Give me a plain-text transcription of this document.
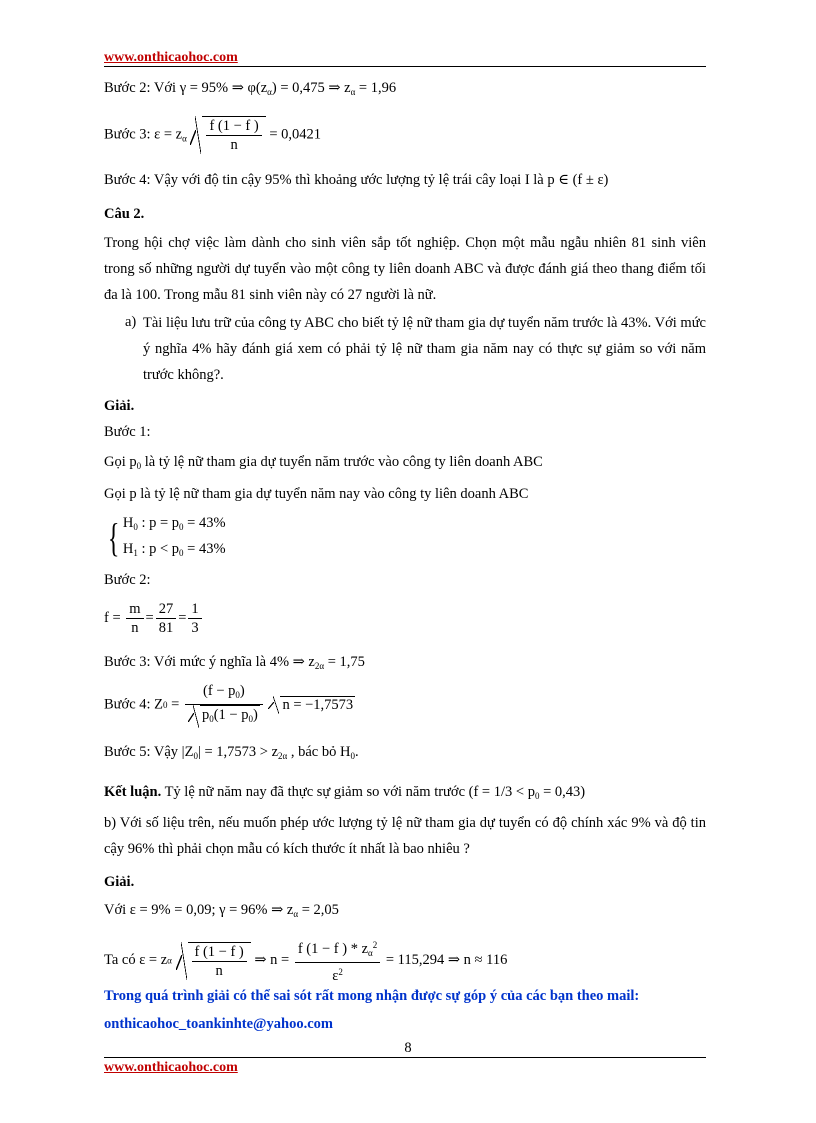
www.onthicaohoc.com
Bước 2: Với γ = 95% ⇒ $\varphi(z_\alpha) = 0,475$ ⇒ $z_\alpha = 1,96$
Bước 3: $\varepsilon = z_\alpha \frac{f (1 - f )}{n} = 0,0421$
Bước 4: Vậy với độ tin cậy 95% thì khoảng ước lượng tỷ lệ trái cây loại I là p ∈ (f ± ε)
Câu 2.
Trong hội chợ việc làm dành cho sinh viên sắp tốt nghiệp. Chọn một mẫu ngẫu nhiên 81 sinh viên trong số những người dự tuyển vào một công ty liên doanh ABC và được đánh giá theo thang điểm tối đa là 100. Trong mẫu 81 sinh viên này có 27 người là nữ.
a) Tài liệu lưu trữ của công ty ABC cho biết tỷ lệ nữ tham gia dự tuyển năm trước là 43%. Với mức ý nghĩa 4% hãy đánh giá xem có phải tỷ lệ nữ tham gia năm nay có thực sự giảm so với năm trước không?.
Giải.
Bước 1:
Gọi $p_0$ là tỷ lệ nữ tham gia dự tuyển năm trước vào công ty liên doanh ABC
Gọi p là tỷ lệ nữ tham gia dự tuyển năm nay vào công ty liên doanh ABC
{ $H_0$ : $p = p_0 = 43\%$
$H_1$ : $p < p_0 = 43\%$
Bước 2:
$f = \frac{m}{n} = \frac{27}{81} = \frac{1}{3}$
Bước 3: Với mức ý nghĩa là 4% ⇒ $z_{2\alpha} = 1,75$
Bước 4: $Z0 = \frac{(f - p_0)}{p_0(1 - p_0)}$ n = −1,7573
Bước 5: Vậy $|Z_0| = 1,7573 > z_{2\alpha}$ , bác bỏ $H_0$.
Kết luận. Tỷ lệ nữ năm nay đã thực sự giảm so với năm trước $(f = 1/3 < p_0 = 0,43)$
b) Với số liệu trên, nếu muốn phép ước lượng tỷ lệ nữ tham gia dự tuyển có độ chính xác 9% và độ tin cậy 96% thì phải chọn mẫu có kích thước ít nhất là bao nhiêu ?
Giải.
Với ε = 9% = 0,09; γ = 96% ⇒ $z_\alpha = 2,05$
Ta có ε = zα $\frac{f (1 - f )}{n}$ ⇒ $n = \frac{f (1 - f ) * z_\alpha^2}{\varepsilon^2} = 115,294$ ⇒ n ≈ 116
Trong quá trình giải có thể sai sót rất mong nhận được sự góp ý của các bạn theo mail:
onthicaohoc_toankinhte@yahoo.com
8
www.onthicaohoc.com
